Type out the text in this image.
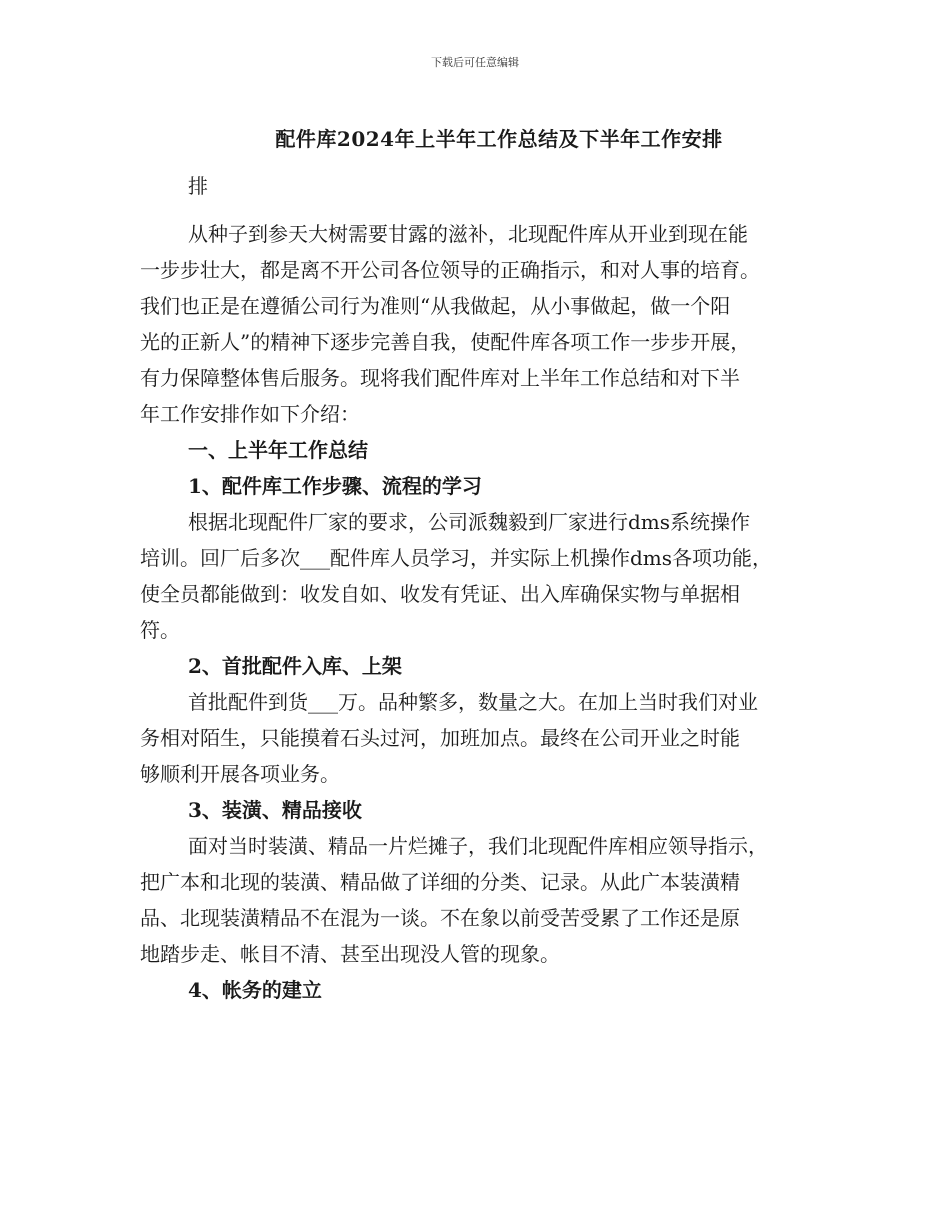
下载后可任意编辑
配件库2024年上半年工作总结及下半年工作安排
排
从种子到参天大树需要甘露的滋补，北现配件库从开业到现在能
一步步壮大，都是离不开公司各位领导的正确指示，和对人事的培育。
我们也正是在遵循公司行为准则“从我做起，从小事做起，做一个阳
光的正新人”的精神下逐步完善自我，使配件库各项工作一步步开展，
有力保障整体售后服务。现将我们配件库对上半年工作总结和对下半
年工作安排作如下介绍：
一、上半年工作总结
1、配件库工作步骤、流程的学习
根据北现配件厂家的要求，公司派魏毅到厂家进行dms系统操作
培训。回厂后多次___配件库人员学习，并实际上机操作dms各项功能，
使全员都能做到：收发自如、收发有凭证、出入库确保实物与单据相
符。
2、首批配件入库、上架
首批配件到货___万。品种繁多，数量之大。在加上当时我们对业
务相对陌生，只能摸着石头过河，加班加点。最终在公司开业之时能
够顺利开展各项业务。
3、装潢、精品接收
面对当时装潢、精品一片烂摊子，我们北现配件库相应领导指示，
把广本和北现的装潢、精品做了详细的分类、记录。从此广本装潢精
品、北现装潢精品不在混为一谈。不在象以前受苦受累了工作还是原
地踏步走、帐目不清、甚至出现没人管的现象。
4、帐务的建立
